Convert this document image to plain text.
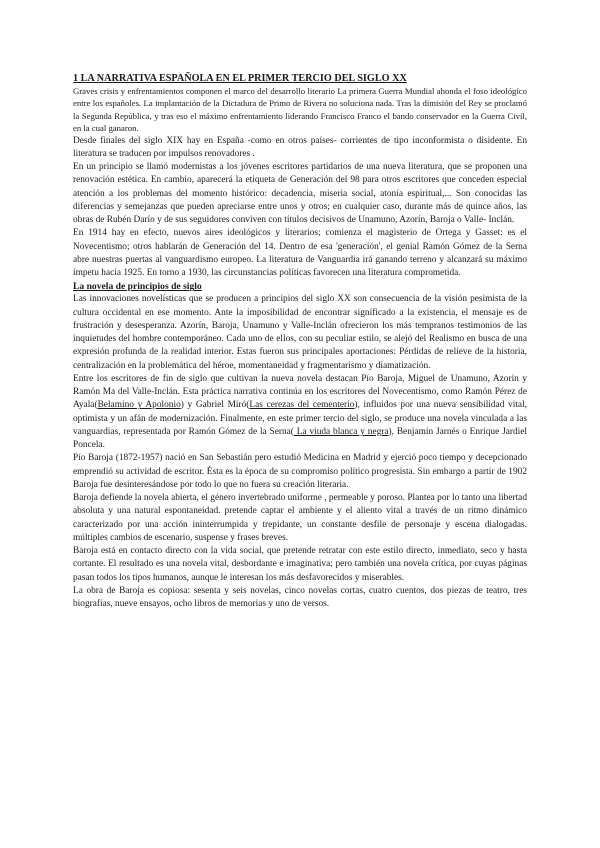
1 LA NARRATIVA ESPAÑOLA EN EL PRIMER TERCIO DEL SIGLO XX

Graves crisis y enfrentamientos componen el marco del desarrollo literario La primera Guerra Mundial ahonda el foso ideológico entre los españoles. La implantación de la Dictadura de Primo de Rivera no soluciona nada. Tras la dimisión del Rey se proclamó la Segunda República, y tras eso el máximo enfrentamiento liderando Francisco Franco el bando conservador en la Guerra Civil, en la cual ganaron.

Desde finales del siglo XIX hay en España -como en otros países- corrientes de tipo inconformista o disidente. En literatura se traducen por impulsos renovadores .

En un principio se llamó modernistas a los jóvenes escritores partidarios de una nueva literatura, que se proponen una renovación estética. En cambio, aparecerá la etiqueta de Generación del 98 para otros escritores que conceden especial atención a los problemas del momento histórico: decadencia, miseria social, atonía espiritual,... Son conocidas las diferencias y semejanzas que pueden apreciarse entre unos y otros; en cualquier caso, durante más de quince años, las obras de Rubén Darío y de sus seguidores conviven con títulos decisivos de Unamuno, Azorín, Baroja o Valle- Inclán.

En 1914 hay en efecto, nuevos aires ideológicos y literarios; comienza el magisterio de Ortega y Gasset: es el Novecentismo; otros hablarán de Generación del 14. Dentro de esa 'generación', el genial Ramón Gómez de la Serna abre nuestras puertas al vanguardismo europeo. La literatura de Vanguardia irá ganando terreno y alcanzará su máximo ímpetu hacia 1925. En torno a 1930, las circunstancias políticas favorecen una literatura comprometida.

La novela de principios de siglo

Las innovaciones novelísticas que se producen a principios del siglo XX son consecuencia de la visión pesimista de la cultura occidental en ese momento. Ante la imposibilidad de encontrar significado a la existencia, el mensaje es de frustración y desesperanza. Azorín, Baroja, Unamuno y Valle-Inclán ofrecieron los más tempranos testimonios de las inquietudes del hombre contemporáneo. Cada uno de ellos, con su peculiar estilo, se alejó del Realismo en busca de una expresión profunda de la realidad interior. Estas fueron sus principales aportaciones: Pérdidas de relieve de la historia, centralización en la problemática del héroe, momentaneidad y fragmentarismo y diamatización.

Entre los escritores de fin de siglo que cultivan la nueva novela destacan Pío Baroja, Miguel de Unamuno, Azorín y Ramón Ma del Valle-Inclán. Esta práctica narrativa continúa en los escritores del Novecentismo, como Ramón Pérez de Ayala(Belamino y Apolonio) y Gabriel Miró(Las cerezas del cementerio), influidos por una nueva sensibilidad vital, optimista y un afán de modernización. Finalmente, en este primer tercio del siglo, se produce una novela vinculada a las vanguardias, representada por Ramón Gómez de la Serna( La viuda blanca y negra), Benjamín Jarnés o Enrique Jardiel Poncela.

Pío Baroja (1872-1957) nació en San Sebastián pero estudió Medicina en Madrid y ejerció poco tiempo y decepcionado emprendió su actividad de escritor. Ésta es la época de su compromiso político progresista. Sin embargo a partir de 1902 Baroja fue desinteresándose por todo lo que no fuera su creación literaria.

Baroja defiende la novela abierta, el género invertebrado uniforme , permeable y poroso. Plantea por lo tanto una libertad absoluta y una natural espontaneidad. pretende captar el ambiente y el aliento vital a través de un ritmo dinámico caracterizado por una acción ininterrumpida y trepidante, un constante desfile de personaje y escena dialogadas. múltiples cambios de escenario, suspense y frases breves.

Baroja está en contacto directo con la vida social, que pretende retratar con este estilo directo, inmediato, seco y hasta cortante. El resultado es una novela vital, desbordante e imaginativa; pero también una novela crítica, por cuyas páginas pasan todos los tipos humanos, aunque le interesan los más desfavorecidos y miserables.

La obra de Baroja es copiosa: sesenta y seis novelas, cinco novelas cortas, cuatro cuentos, dos piezas de teatro, tres biografías, nueve ensayos, ocho libros de memorias y uno de versos.
